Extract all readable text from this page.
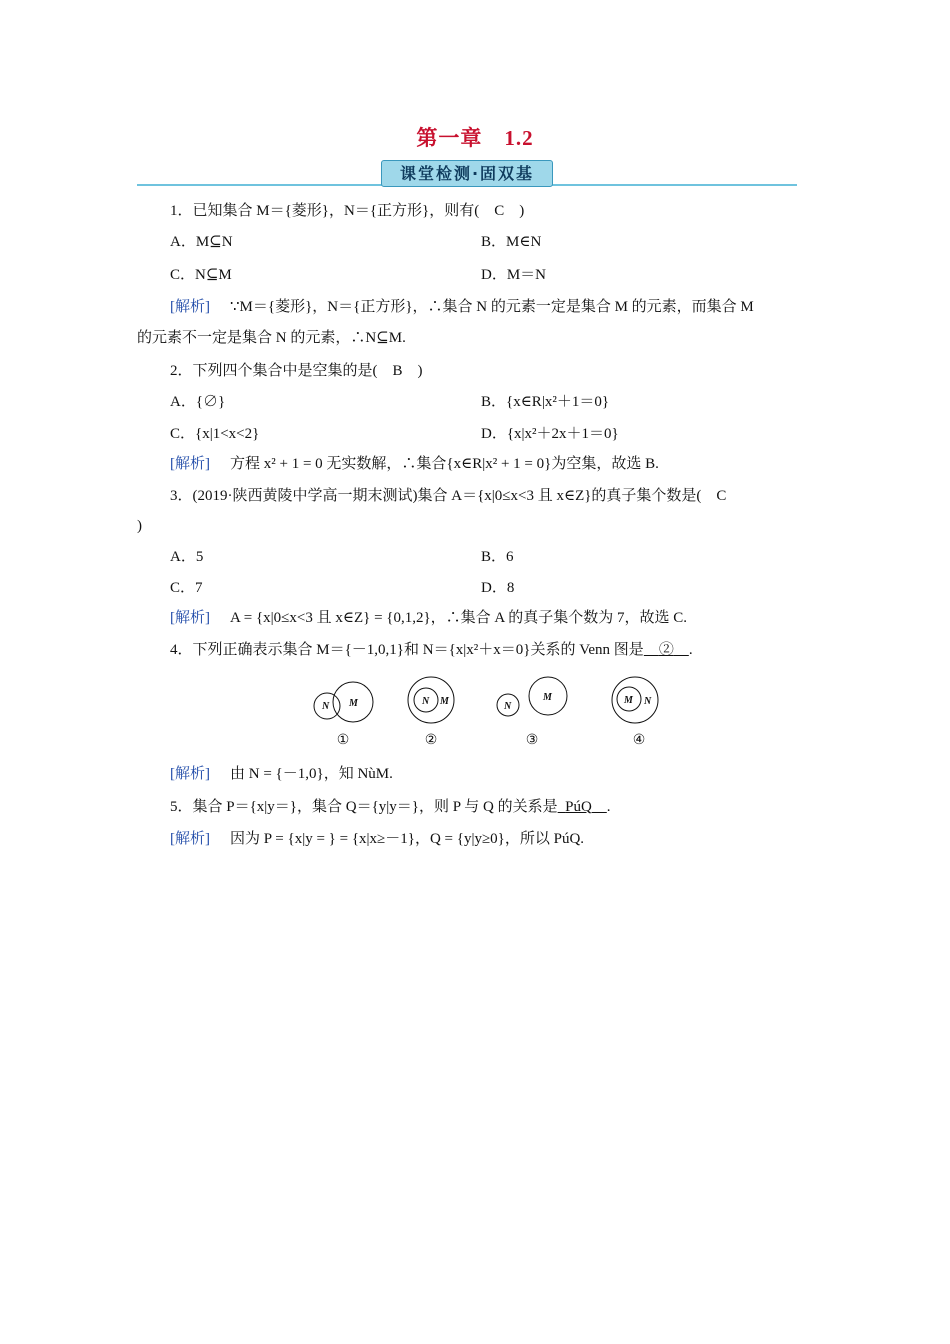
第一章　1.2
课堂检测·固双基
1．已知集合 M＝{菱形}，N＝{正方形}，则有(　C　)
A．M⊆N	B．M∈N
C．N⊆M	D．M＝N
[解析] ∵M＝{菱形}，N＝{正方形}，∴集合 N 的元素一定是集合 M 的元素，而集合 M
的元素不一定是集合 N 的元素，∴N⊆M.
2．下列四个集合中是空集的是(　B　)
A．{∅}	B．{x∈R|x²＋1＝0}
C．{x|1<x<2}	D．{x|x²＋2x＋1＝0}
[解析] 方程 x² + 1 = 0 无实数解，∴集合{x∈R|x² + 1 = 0}为空集，故选 B.
3．(2019·陕西黄陵中学高一期末测试)集合 A＝{x|0≤x<3 且 x∈Z}的真子集个数是(　C
)
A．5	B．6
C．7	D．8
[解析] A = {x|0≤x<3 且 x∈Z} = {0,1,2}，∴集合 A 的真子集个数为 7，故选 C.
4．下列正确表示集合 M＝{－1,0,1}和 N＝{x|x²＋x＝0}关系的 Venn 图是   ②   .
N M	N M	N
M	M N
①	②	③	④
[解析] 由 N = {－1,0}，知 NùM.
5．集合 P＝{x|y＝}，集合 Q＝{y|y＝}，则 P 与 Q 的关系是  PúQ   .
[解析] 因为 P = {x|y = } = {x|x≥－1}，Q = {y|y≥0}，所以 PúQ.
